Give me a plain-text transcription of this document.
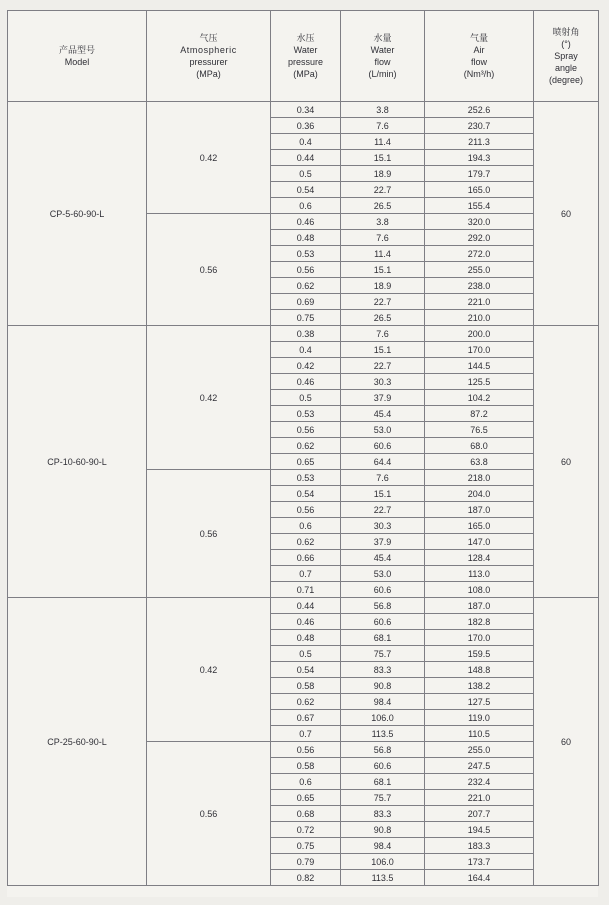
产品型号
Model	气压
Atmospheric
pressurer
(MPa)	水压
Water
pressure
(MPa)	水量
Water
flow
(L/min)	气量
Air
flow
(Nm³/h)	喷射角
(°)
Spray
angle
(degree)

CP-5-60-90-L	0.42	0.34	3.8	252.6	60
		0.36	7.6	230.7	
		0.4	11.4	211.3	
		0.44	15.1	194.3	
		0.5	18.9	179.7	
		0.54	22.7	165.0	
		0.6	26.5	155.4	
	0.56	0.46	3.8	320.0	
		0.48	7.6	292.0	
		0.53	11.4	272.0	
		0.56	15.1	255.0	
		0.62	18.9	238.0	
		0.69	22.7	221.0	
		0.75	26.5	210.0	
CP-10-60-90-L	0.42	0.38	7.6	200.0	60
		0.4	15.1	170.0	
		0.42	22.7	144.5	
		0.46	30.3	125.5	
		0.5	37.9	104.2	
		0.53	45.4	87.2	
		0.56	53.0	76.5	
		0.62	60.6	68.0	
		0.65	64.4	63.8	
	0.56	0.53	7.6	218.0	
		0.54	15.1	204.0	
		0.56	22.7	187.0	
		0.6	30.3	165.0	
		0.62	37.9	147.0	
		0.66	45.4	128.4	
		0.7	53.0	113.0	
		0.71	60.6	108.0	
CP-25-60-90-L	0.42	0.44	56.8	187.0	60
		0.46	60.6	182.8	
		0.48	68.1	170.0	
		0.5	75.7	159.5	
		0.54	83.3	148.8	
		0.58	90.8	138.2	
		0.62	98.4	127.5	
		0.67	106.0	119.0	
		0.7	113.5	110.5	
	0.56	0.56	56.8	255.0	
		0.58	60.6	247.5	
		0.6	68.1	232.4	
		0.65	75.7	221.0	
		0.68	83.3	207.7	
		0.72	90.8	194.5	
		0.75	98.4	183.3	
		0.79	106.0	173.7	
		0.82	113.5	164.4	
